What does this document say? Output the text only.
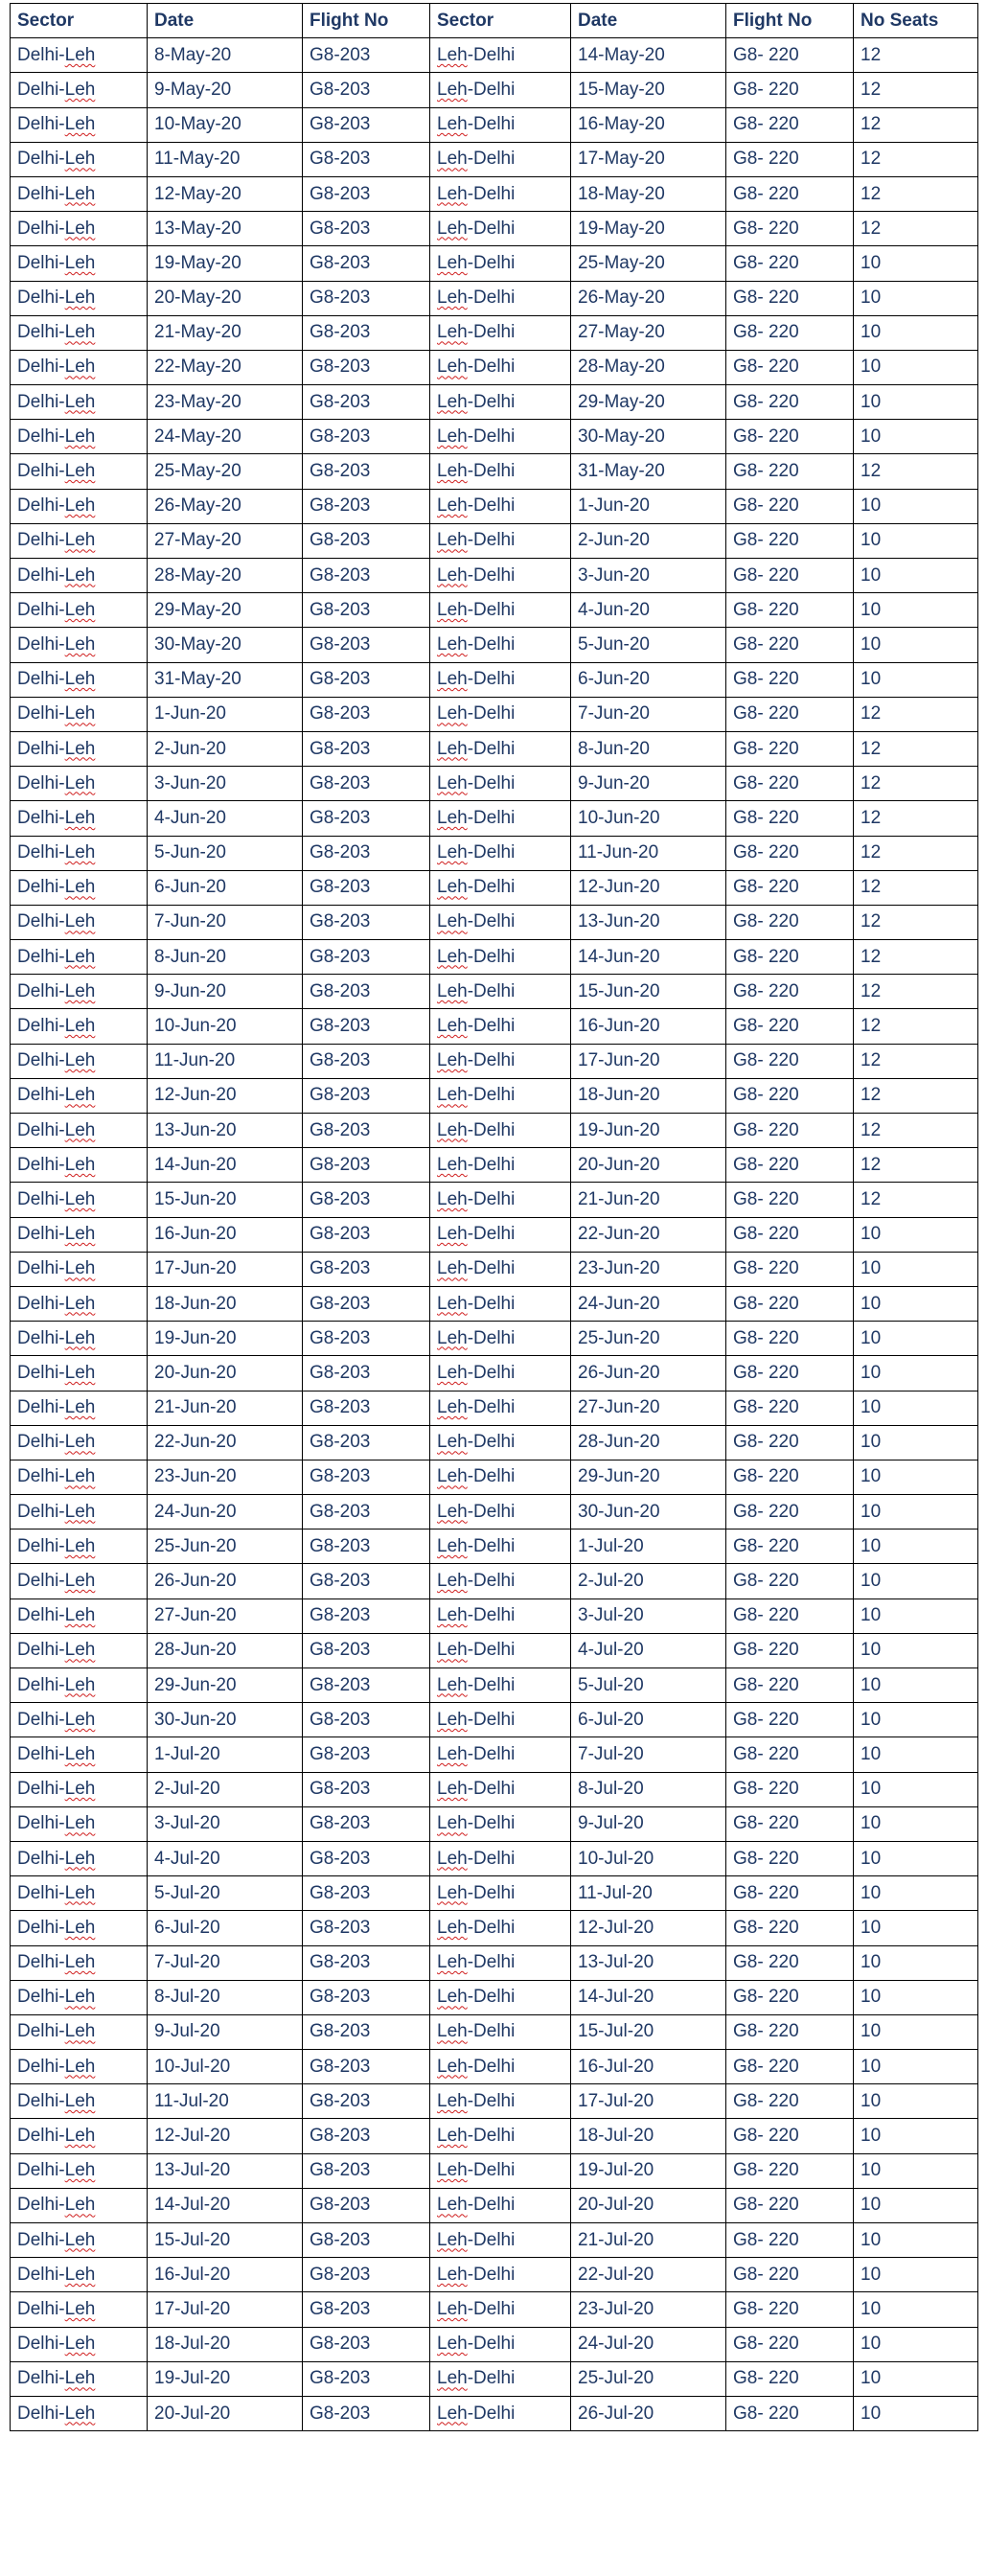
Sector	Date	Flight No	Sector	Date	Flight No	No Seats
Delhi-Leh	8-May-20	G8-203	Leh-Delhi	14-May-20	G8- 220	12
Delhi-Leh	9-May-20	G8-203	Leh-Delhi	15-May-20	G8- 220	12
Delhi-Leh	10-May-20	G8-203	Leh-Delhi	16-May-20	G8- 220	12
Delhi-Leh	11-May-20	G8-203	Leh-Delhi	17-May-20	G8- 220	12
Delhi-Leh	12-May-20	G8-203	Leh-Delhi	18-May-20	G8- 220	12
Delhi-Leh	13-May-20	G8-203	Leh-Delhi	19-May-20	G8- 220	12
Delhi-Leh	19-May-20	G8-203	Leh-Delhi	25-May-20	G8- 220	10
Delhi-Leh	20-May-20	G8-203	Leh-Delhi	26-May-20	G8- 220	10
Delhi-Leh	21-May-20	G8-203	Leh-Delhi	27-May-20	G8- 220	10
Delhi-Leh	22-May-20	G8-203	Leh-Delhi	28-May-20	G8- 220	10
Delhi-Leh	23-May-20	G8-203	Leh-Delhi	29-May-20	G8- 220	10
Delhi-Leh	24-May-20	G8-203	Leh-Delhi	30-May-20	G8- 220	10
Delhi-Leh	25-May-20	G8-203	Leh-Delhi	31-May-20	G8- 220	12
Delhi-Leh	26-May-20	G8-203	Leh-Delhi	1-Jun-20	G8- 220	10
Delhi-Leh	27-May-20	G8-203	Leh-Delhi	2-Jun-20	G8- 220	10
Delhi-Leh	28-May-20	G8-203	Leh-Delhi	3-Jun-20	G8- 220	10
Delhi-Leh	29-May-20	G8-203	Leh-Delhi	4-Jun-20	G8- 220	10
Delhi-Leh	30-May-20	G8-203	Leh-Delhi	5-Jun-20	G8- 220	10
Delhi-Leh	31-May-20	G8-203	Leh-Delhi	6-Jun-20	G8- 220	10
Delhi-Leh	1-Jun-20	G8-203	Leh-Delhi	7-Jun-20	G8- 220	12
Delhi-Leh	2-Jun-20	G8-203	Leh-Delhi	8-Jun-20	G8- 220	12
Delhi-Leh	3-Jun-20	G8-203	Leh-Delhi	9-Jun-20	G8- 220	12
Delhi-Leh	4-Jun-20	G8-203	Leh-Delhi	10-Jun-20	G8- 220	12
Delhi-Leh	5-Jun-20	G8-203	Leh-Delhi	11-Jun-20	G8- 220	12
Delhi-Leh	6-Jun-20	G8-203	Leh-Delhi	12-Jun-20	G8- 220	12
Delhi-Leh	7-Jun-20	G8-203	Leh-Delhi	13-Jun-20	G8- 220	12
Delhi-Leh	8-Jun-20	G8-203	Leh-Delhi	14-Jun-20	G8- 220	12
Delhi-Leh	9-Jun-20	G8-203	Leh-Delhi	15-Jun-20	G8- 220	12
Delhi-Leh	10-Jun-20	G8-203	Leh-Delhi	16-Jun-20	G8- 220	12
Delhi-Leh	11-Jun-20	G8-203	Leh-Delhi	17-Jun-20	G8- 220	12
Delhi-Leh	12-Jun-20	G8-203	Leh-Delhi	18-Jun-20	G8- 220	12
Delhi-Leh	13-Jun-20	G8-203	Leh-Delhi	19-Jun-20	G8- 220	12
Delhi-Leh	14-Jun-20	G8-203	Leh-Delhi	20-Jun-20	G8- 220	12
Delhi-Leh	15-Jun-20	G8-203	Leh-Delhi	21-Jun-20	G8- 220	12
Delhi-Leh	16-Jun-20	G8-203	Leh-Delhi	22-Jun-20	G8- 220	10
Delhi-Leh	17-Jun-20	G8-203	Leh-Delhi	23-Jun-20	G8- 220	10
Delhi-Leh	18-Jun-20	G8-203	Leh-Delhi	24-Jun-20	G8- 220	10
Delhi-Leh	19-Jun-20	G8-203	Leh-Delhi	25-Jun-20	G8- 220	10
Delhi-Leh	20-Jun-20	G8-203	Leh-Delhi	26-Jun-20	G8- 220	10
Delhi-Leh	21-Jun-20	G8-203	Leh-Delhi	27-Jun-20	G8- 220	10
Delhi-Leh	22-Jun-20	G8-203	Leh-Delhi	28-Jun-20	G8- 220	10
Delhi-Leh	23-Jun-20	G8-203	Leh-Delhi	29-Jun-20	G8- 220	10
Delhi-Leh	24-Jun-20	G8-203	Leh-Delhi	30-Jun-20	G8- 220	10
Delhi-Leh	25-Jun-20	G8-203	Leh-Delhi	1-Jul-20	G8- 220	10
Delhi-Leh	26-Jun-20	G8-203	Leh-Delhi	2-Jul-20	G8- 220	10
Delhi-Leh	27-Jun-20	G8-203	Leh-Delhi	3-Jul-20	G8- 220	10
Delhi-Leh	28-Jun-20	G8-203	Leh-Delhi	4-Jul-20	G8- 220	10
Delhi-Leh	29-Jun-20	G8-203	Leh-Delhi	5-Jul-20	G8- 220	10
Delhi-Leh	30-Jun-20	G8-203	Leh-Delhi	6-Jul-20	G8- 220	10
Delhi-Leh	1-Jul-20	G8-203	Leh-Delhi	7-Jul-20	G8- 220	10
Delhi-Leh	2-Jul-20	G8-203	Leh-Delhi	8-Jul-20	G8- 220	10
Delhi-Leh	3-Jul-20	G8-203	Leh-Delhi	9-Jul-20	G8- 220	10
Delhi-Leh	4-Jul-20	G8-203	Leh-Delhi	10-Jul-20	G8- 220	10
Delhi-Leh	5-Jul-20	G8-203	Leh-Delhi	11-Jul-20	G8- 220	10
Delhi-Leh	6-Jul-20	G8-203	Leh-Delhi	12-Jul-20	G8- 220	10
Delhi-Leh	7-Jul-20	G8-203	Leh-Delhi	13-Jul-20	G8- 220	10
Delhi-Leh	8-Jul-20	G8-203	Leh-Delhi	14-Jul-20	G8- 220	10
Delhi-Leh	9-Jul-20	G8-203	Leh-Delhi	15-Jul-20	G8- 220	10
Delhi-Leh	10-Jul-20	G8-203	Leh-Delhi	16-Jul-20	G8- 220	10
Delhi-Leh	11-Jul-20	G8-203	Leh-Delhi	17-Jul-20	G8- 220	10
Delhi-Leh	12-Jul-20	G8-203	Leh-Delhi	18-Jul-20	G8- 220	10
Delhi-Leh	13-Jul-20	G8-203	Leh-Delhi	19-Jul-20	G8- 220	10
Delhi-Leh	14-Jul-20	G8-203	Leh-Delhi	20-Jul-20	G8- 220	10
Delhi-Leh	15-Jul-20	G8-203	Leh-Delhi	21-Jul-20	G8- 220	10
Delhi-Leh	16-Jul-20	G8-203	Leh-Delhi	22-Jul-20	G8- 220	10
Delhi-Leh	17-Jul-20	G8-203	Leh-Delhi	23-Jul-20	G8- 220	10
Delhi-Leh	18-Jul-20	G8-203	Leh-Delhi	24-Jul-20	G8- 220	10
Delhi-Leh	19-Jul-20	G8-203	Leh-Delhi	25-Jul-20	G8- 220	10
Delhi-Leh	20-Jul-20	G8-203	Leh-Delhi	26-Jul-20	G8- 220	10
